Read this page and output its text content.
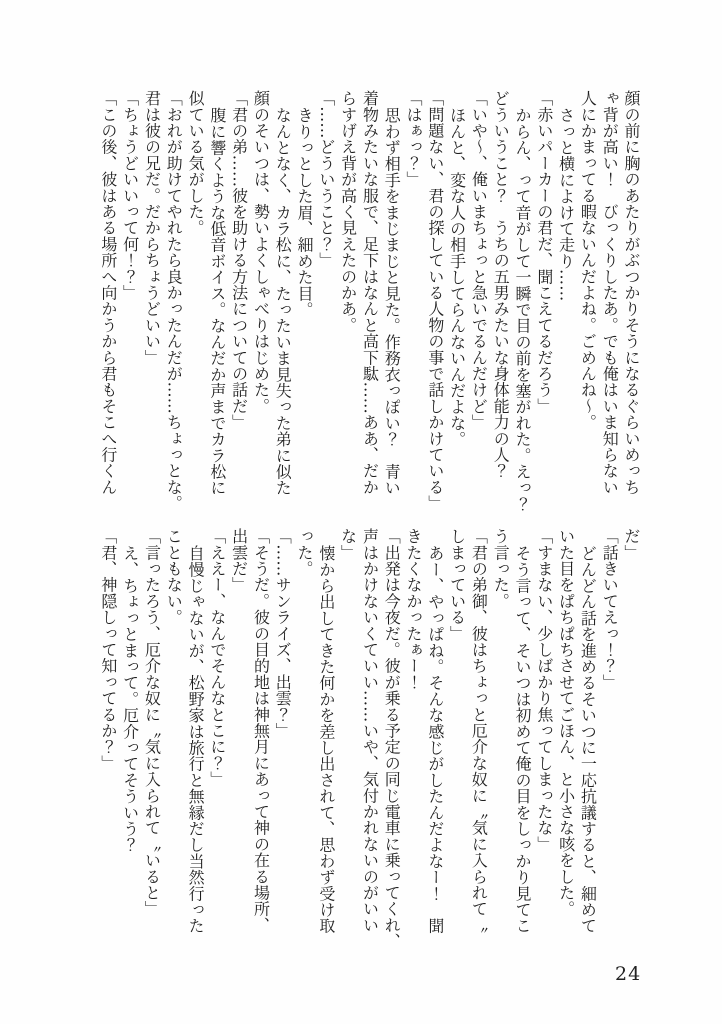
顔の前に胸のあたりがぶつかりそうになるぐらいめっち

ゃ背が高い！　びっくりしたあ。でも俺はいま知らない

人にかまってる暇ないんだよね。ごめんね〜。

さっと横によけて走り……

「赤いパーカーの君だ、聞こえてるだろう」

からん、って音がして一瞬で目の前を塞がれた。えっ？

どういうこと？　うちの五男みたいな身体能力の人？

「いや〜、俺いまちょっと急いでるんだけど」

ほんと、変な人の相手してらんないんだよな。

「問題ない、君の探している人物の事で話しかけている」

「はぁっ？」

思わず相手をまじまじと見た。作務衣っぽい？　青い

着物みたいな服で、足下はなんと高下駄……ああ、だか

らすげえ背が高く見えたのかあ。

「……どういうこと？」

きりっとした眉、細めた目。

なんとなく、カラ松に、たったいま見失った弟に似た

顔のそいつは、勢いよくしゃべりはじめた。

「君の弟……彼を助ける方法についての話だ」

腹に響くような低音ボイス。なんだか声までカラ松に

似ている気がした。

「おれが助けてやれたら良かったんだが……ちょっとな。

君は彼の兄だ。だからちょうどいい」

「ちょうどいいって何！？」

「この後、彼はある場所へ向かうから君もそこへ行くん

だ」

「話きいてえっ！？」

どんどん話を進めるそいつに一応抗議すると、細めて

いた目をぱちぱちさせてごほん、と小さな咳をした。

「すまない、少しばかり焦ってしまったな」

そう言って、そいつは初めて俺の目をしっかり見てこ

う言った。

「君の弟御、彼はちょっと厄介な奴に〝気に入られて〝

しまっている」

あー、やっぱね。そんな感じがしたんだよなー！　聞

きたくなかったぁー！

「出発は今夜だ。彼が乗る予定の同じ電車に乗ってくれ、

声はかけないくていい……いや、気付かれないのがいい

な」

懐から出してきた何かを差し出されて、思わず受け取

った。

「……サンライズ、出雲？」

「そうだ。彼の目的地は神無月にあって神の在る場所、

出雲だ」

「ええー、なんでそんなとこに？」

自慢じゃないが、松野家は旅行と無縁だし当然行った

こともない。

「言ったろう、厄介な奴に〝気に入られて〝いると」

え、ちょっとまって。厄介ってそういう？

「君、神隠しって知ってるか？」

24
